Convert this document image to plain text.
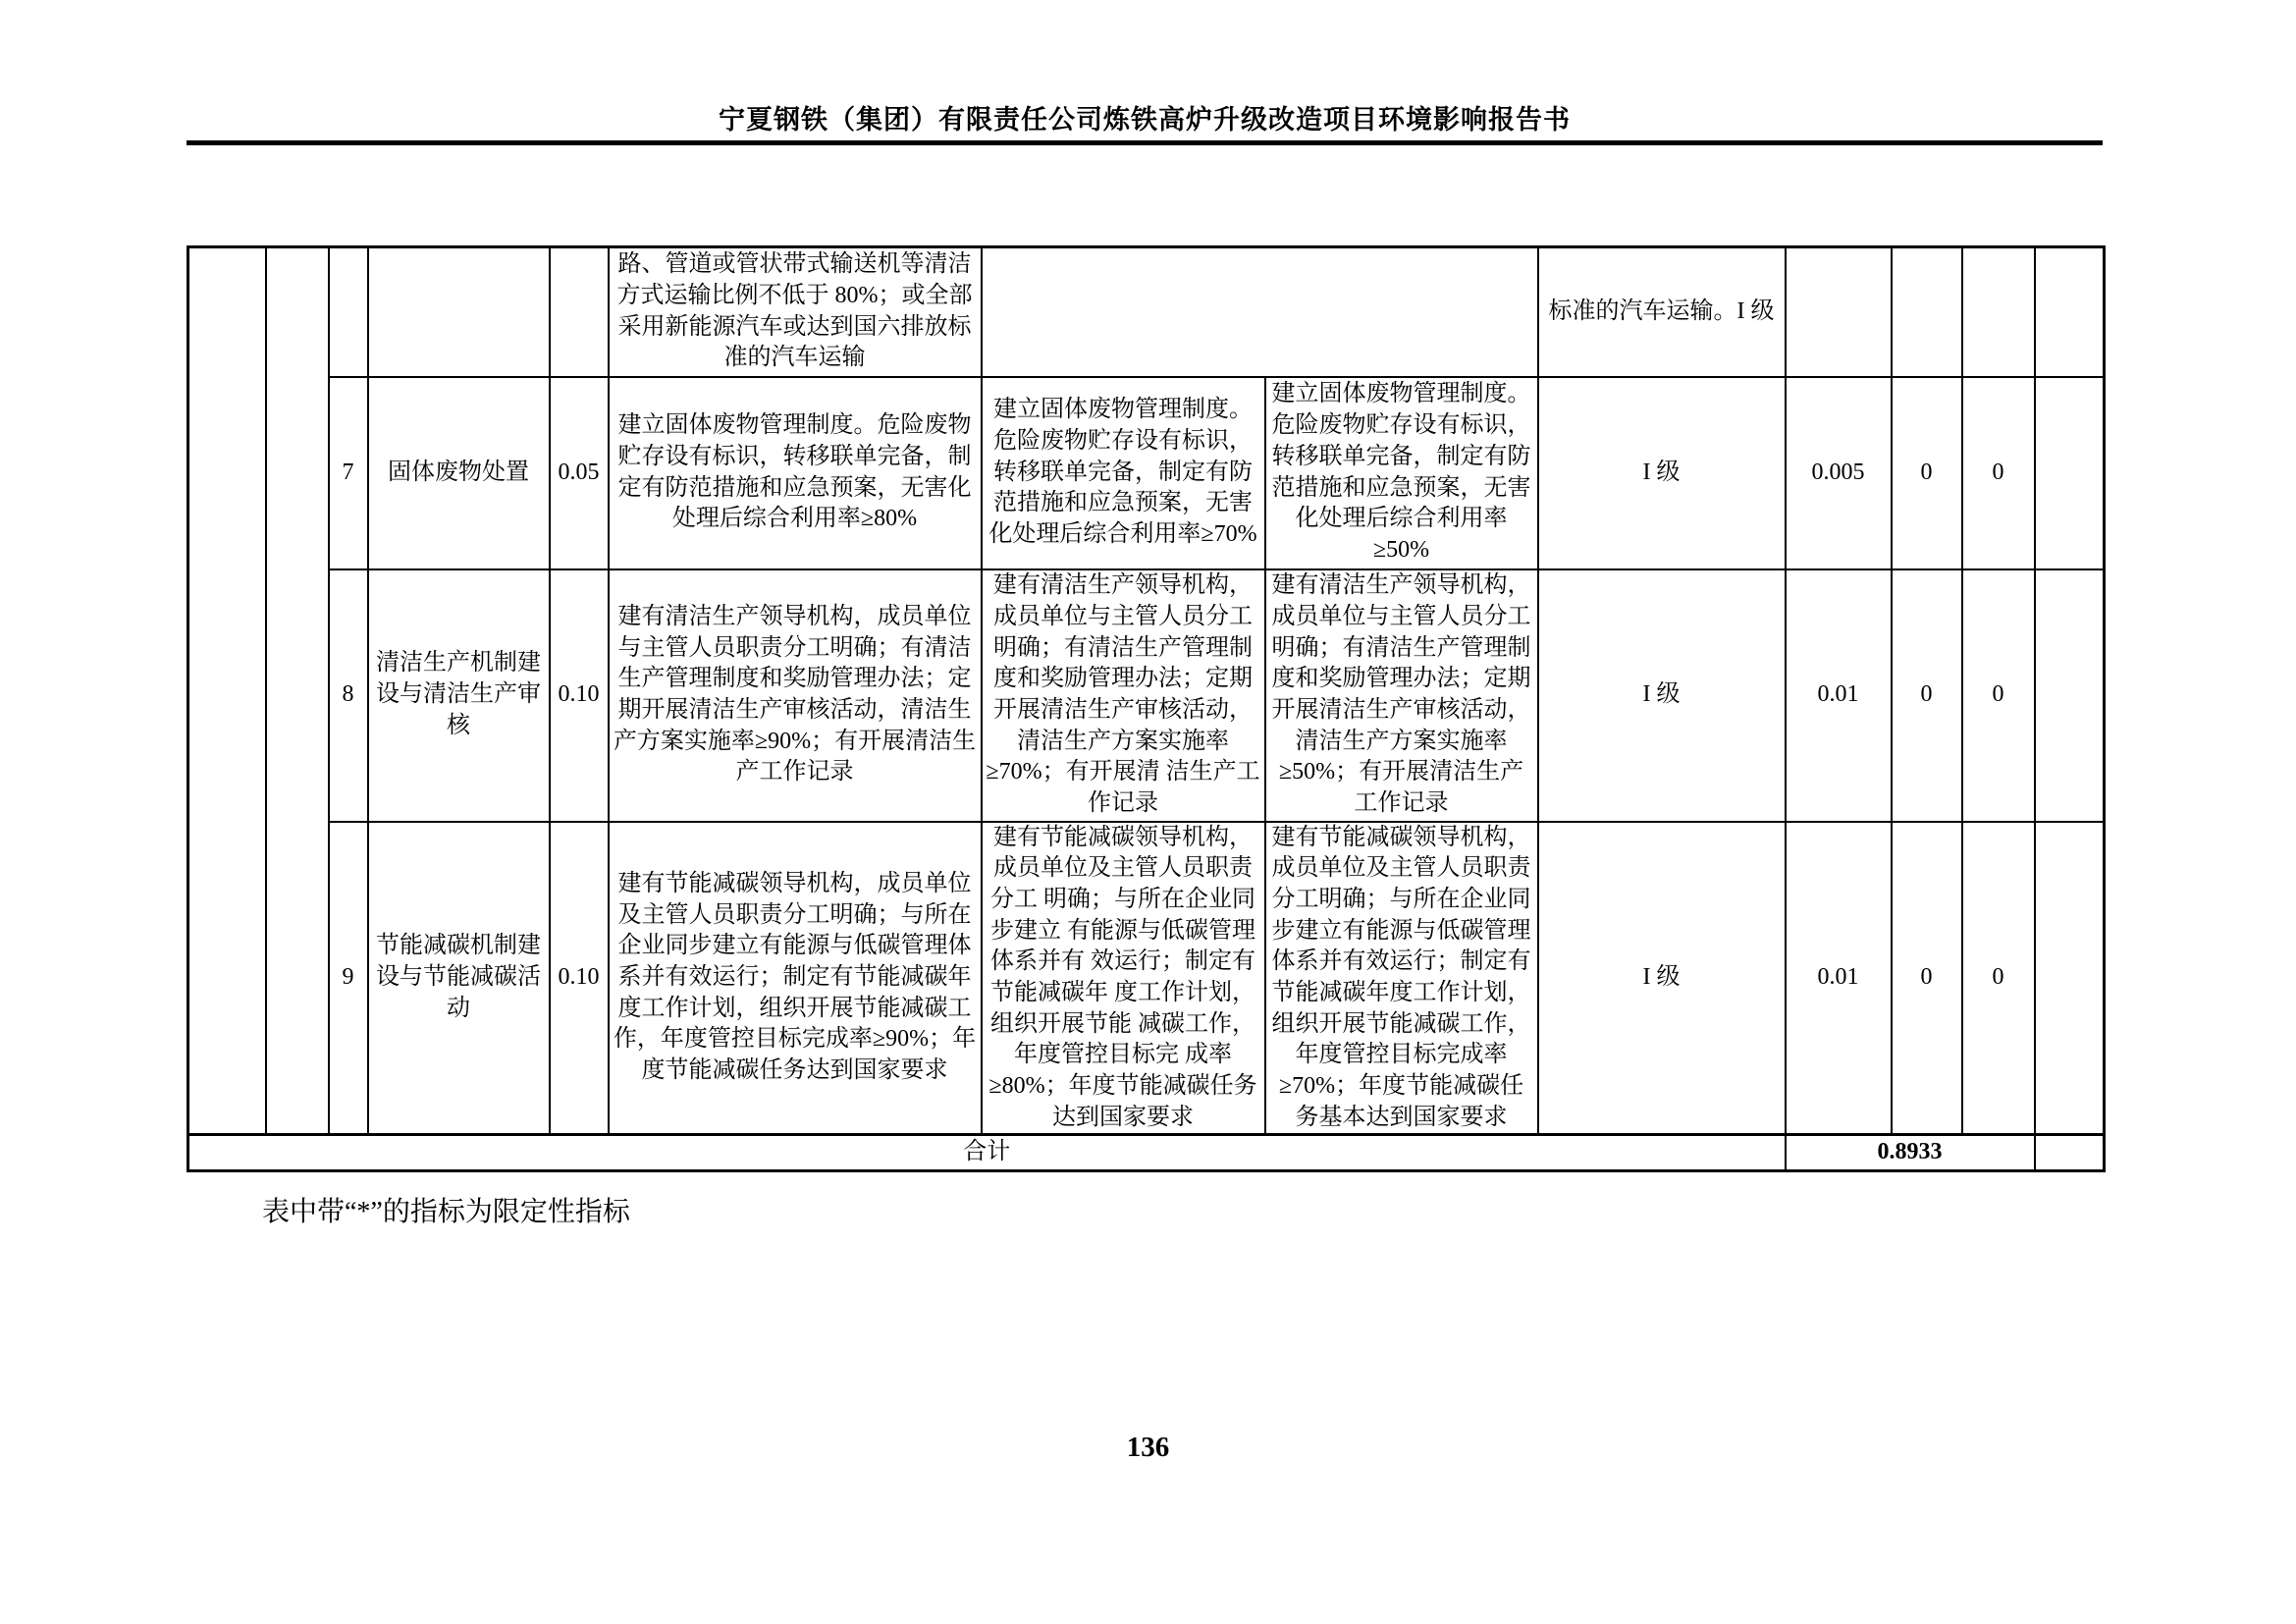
宁夏钢铁（集团）有限责任公司炼铁高炉升级改造项目环境影响报告书
					路、管道或管状带式输送机等清洁方式运输比例不低于 80%；或全部采用新能源汽车或达到国六排放标准的汽车运输			标准的汽车运输。I 级				
		7	固体废物处置	0.05	建立固体废物管理制度。危险废物贮存设有标识，转移联单完备，制定有防范措施和应急预案，无害化处理后综合利用率≥80%	建立固体废物管理制度。危险废物贮存设有标识，转移联单完备，制定有防范措施和应急预案，无害化处理后综合利用率≥70%	建立固体废物管理制度。危险废物贮存设有标识，转移联单完备，制定有防范措施和应急预案，无害化处理后综合利用率≥50%	I 级	0.005	0	0	
		8	清洁生产机制建设与清洁生产审核	0.10	建有清洁生产领导机构，成员单位与主管人员职责分工明确；有清洁生产管理制度和奖励管理办法；定期开展清洁生产审核活动，清洁生产方案实施率≥90%；有开展清洁生产工作记录	建有清洁生产领导机构，成员单位与主管人员分工明确；有清洁生产管理制度和奖励管理办法；定期开展清洁生产审核活动，清洁生产方案实施率≥70%；有开展清 洁生产工作记录	建有清洁生产领导机构，成员单位与主管人员分工明确；有清洁生产管理制度和奖励管理办法；定期开展清洁生产审核活动，清洁生产方案实施率≥50%；有开展清洁生产工作记录	I 级	0.01	0	0	
		9	节能减碳机制建设与节能减碳活动	0.10	建有节能减碳领导机构，成员单位及主管人员职责分工明确；与所在企业同步建立有能源与低碳管理体系并有效运行；制定有节能减碳年度工作计划，组织开展节能减碳工作，年度管控目标完成率≥90%；年度节能减碳任务达到国家要求	建有节能减碳领导机构，成员单位及主管人员职责分工 明确；与所在企业同步建立 有能源与低碳管理体系并有 效运行；制定有节能减碳年 度工作计划，组织开展节能 减碳工作，年度管控目标完 成率≥80%；年度节能减碳任务达到国家要求	建有节能减碳领导机构，成员单位及主管人员职责分工明确；与所在企业同步建立有能源与低碳管理体系并有效运行；制定有节能减碳年度工作计划，组织开展节能减碳工作，年度管控目标完成率≥70%；年度节能减碳任务基本达到国家要求	I 级	0.01	0	0	
合计									0.8933			
表中带“*”的指标为限定性指标
136
